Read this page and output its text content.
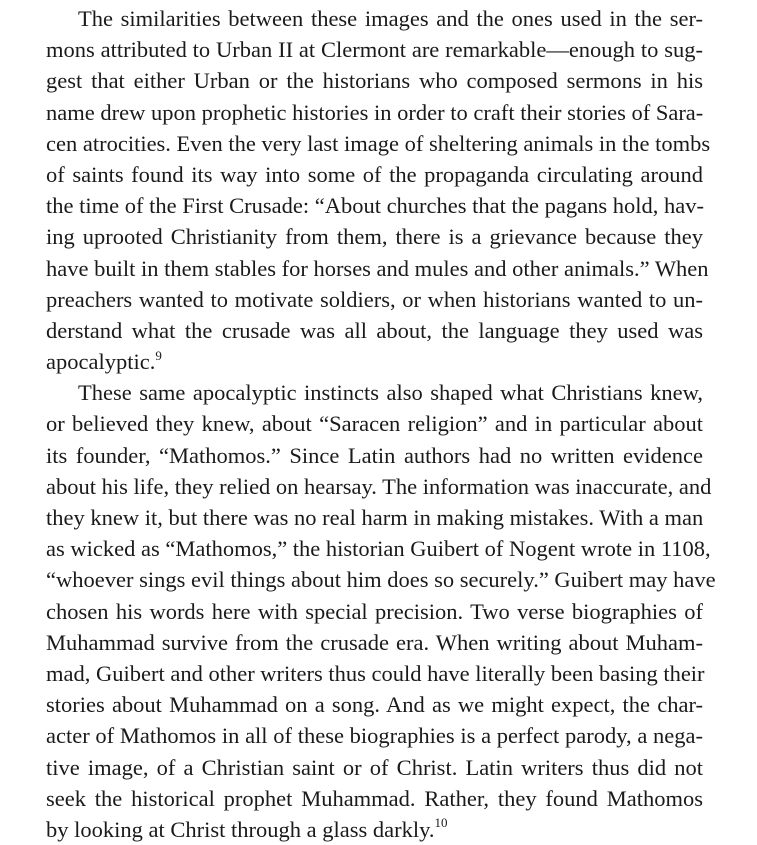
The similarities between these images and the ones used in the ser-
mons attributed to Urban II at Clermont are remarkable—enough to sug-
gest that either Urban or the historians who composed sermons in his
name drew upon prophetic histories in order to craft their stories of Sara-
cen atrocities. Even the very last image of sheltering animals in the tombs
of saints found its way into some of the propaganda circulating around
the time of the First Crusade: “About churches that the pagans hold, hav-
ing uprooted Christianity from them, there is a grievance because they
have built in them stables for horses and mules and other animals.” When
preachers wanted to motivate soldiers, or when historians wanted to un-
derstand what the crusade was all about, the language they used was
apocalyptic.$^9$
These same apocalyptic instincts also shaped what Christians knew,
or believed they knew, about “Saracen religion” and in particular about
its founder, “Mathomos.” Since Latin authors had no written evidence
about his life, they relied on hearsay. The information was inaccurate, and
they knew it, but there was no real harm in making mistakes. With a man
as wicked as “Mathomos,” the historian Guibert of Nogent wrote in 1108,
“whoever sings evil things about him does so securely.” Guibert may have
chosen his words here with special precision. Two verse biographies of
Muhammad survive from the crusade era. When writing about Muham-
mad, Guibert and other writers thus could have literally been basing their
stories about Muhammad on a song. And as we might expect, the char-
acter of Mathomos in all of these biographies is a perfect parody, a nega-
tive image, of a Christian saint or of Christ. Latin writers thus did not
seek the historical prophet Muhammad. Rather, they found Mathomos
by looking at Christ through a glass darkly.$^{10}$
